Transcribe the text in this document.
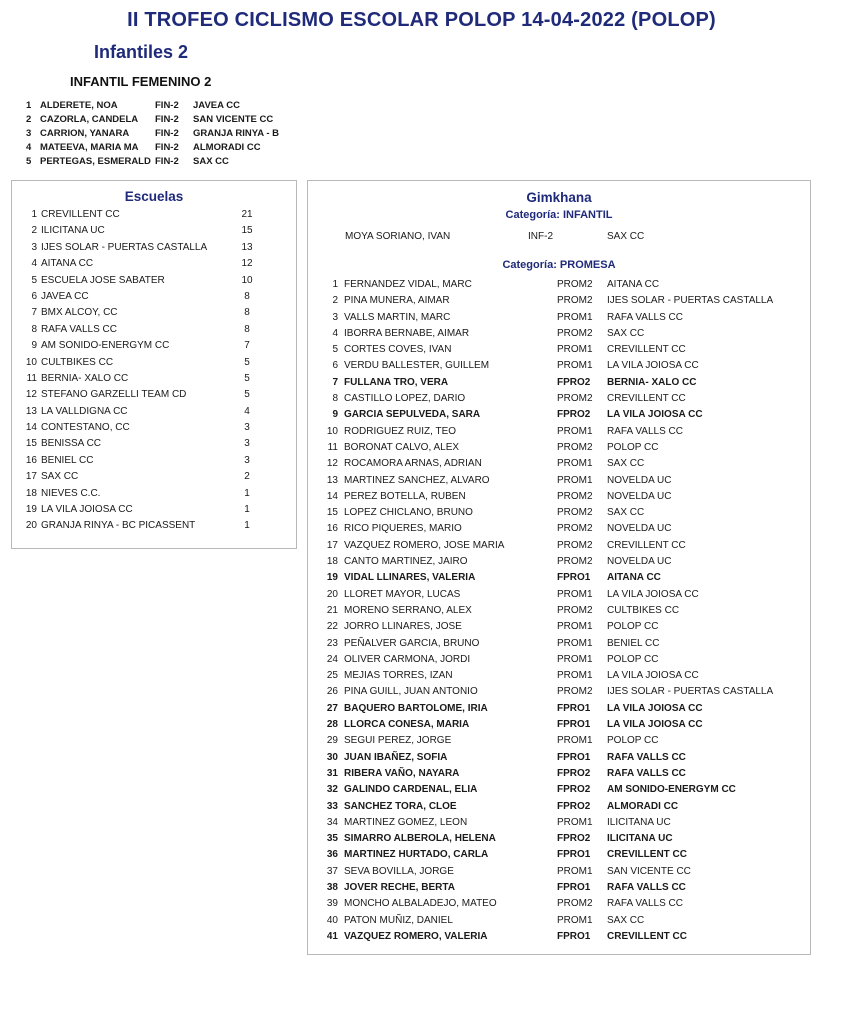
II TROFEO CICLISMO ESCOLAR POLOP 14-04-2022 (POLOP)
Infantiles 2
INFANTIL FEMENINO 2
1 ALDERETE, NOA	FIN-2 JAVEA CC
2 CAZORLA, CANDELA FIN-2 SAN VICENTE CC
3 CARRION, YANARA	FIN-2 GRANJA RINYA - B
4 MATEEVA, MARIA MA FIN-2 ALMORADI CC
5 PERTEGAS, ESMERALD FIN-2 SAX CC
Escuelas
1 CREVILLENT CC	21
2 ILICITANA UC	15
3 IJES SOLAR - PUERTAS CASTALLA	13
4 AITANA CC	12
5 ESCUELA JOSE SABATER	10
6 JAVEA CC	8
7 BMX ALCOY, CC	8
8 RAFA VALLS CC	8
9 AM SONIDO-ENERGYM CC	7
10 CULTBIKES CC	5
11 BERNIA- XALO CC	5
12 STEFANO GARZELLI TEAM CD	5
13 LA VALLDIGNA CC	4
14 CONTESTANO, CC	3
15 BENISSA CC	3
16 BENIEL CC	3
17 SAX CC	2
18 NIEVES C.C.	1
19 LA VILA JOIOSA CC	1
20 GRANJA RINYA - BC PICASSENT	1
Gimkhana
Categoría: INFANTIL
MOYA SORIANO, IVAN	INF-2	SAX CC
Categoría: PROMESA
1 FERNANDEZ VIDAL, MARC	PROM2 AITANA CC
2 PINA MUNERA, AIMAR	PROM2 IJES SOLAR - PUERTAS CASTALLA
3 VALLS MARTIN, MARC	PROM1 RAFA VALLS CC
4 IBORRA BERNABE, AIMAR	PROM2 SAX CC
5 CORTES COVES, IVAN	PROM1 CREVILLENT CC
6 VERDU BALLESTER, GUILLEM	PROM1 LA VILA JOIOSA CC
7 FULLANA TRO, VERA	FPRO2 BERNIA- XALO CC
8 CASTILLO LOPEZ, DARIO	PROM2 CREVILLENT CC
9 GARCIA SEPULVEDA, SARA	FPRO2 LA VILA JOIOSA CC
10 RODRIGUEZ RUIZ, TEO	PROM1 RAFA VALLS CC
11 BORONAT CALVO, ALEX	PROM2 POLOP CC
12 ROCAMORA ARNAS, ADRIAN	PROM1 SAX CC
13 MARTINEZ SANCHEZ, ALVARO	PROM1 NOVELDA UC
14 PEREZ BOTELLA, RUBEN	PROM2 NOVELDA UC
15 LOPEZ CHICLANO, BRUNO	PROM2 SAX CC
16 RICO PIQUERES, MARIO	PROM2 NOVELDA UC
17 VAZQUEZ ROMERO, JOSE MARIA	PROM2 CREVILLENT CC
18 CANTO MARTINEZ, JAIRO	PROM2 NOVELDA UC
19 VIDAL LLINARES, VALERIA	FPRO1 AITANA CC
20 LLORET MAYOR, LUCAS	PROM1 LA VILA JOIOSA CC
21 MORENO SERRANO, ALEX	PROM2 CULTBIKES CC
22 JORRO LLINARES, JOSE	PROM1 POLOP CC
23 PEÑALVER GARCIA, BRUNO	PROM1 BENIEL CC
24 OLIVER CARMONA, JORDI	PROM1 POLOP CC
25 MEJIAS TORRES, IZAN	PROM1 LA VILA JOIOSA CC
26 PINA GUILL, JUAN ANTONIO	PROM2 IJES SOLAR - PUERTAS CASTALLA
27 BAQUERO BARTOLOME, IRIA	FPRO1 LA VILA JOIOSA CC
28 LLORCA CONESA, MARIA	FPRO1 LA VILA JOIOSA CC
29 SEGUI PEREZ, JORGE	PROM1 POLOP CC
30 JUAN IBAÑEZ, SOFIA	FPRO1 RAFA VALLS CC
31 RIBERA VAÑO, NAYARA	FPRO2 RAFA VALLS CC
32 GALINDO CARDENAL, ELIA	FPRO2 AM SONIDO-ENERGYM CC
33 SANCHEZ TORA, CLOE	FPRO2 ALMORADI CC
34 MARTINEZ GOMEZ, LEON	PROM1 ILICITANA UC
35 SIMARRO ALBEROLA, HELENA	FPRO2 ILICITANA UC
36 MARTINEZ HURTADO, CARLA	FPRO1 CREVILLENT CC
37 SEVA BOVILLA, JORGE	PROM1 SAN VICENTE CC
38 JOVER RECHE, BERTA	FPRO1 RAFA VALLS CC
39 MONCHO ALBALADEJO, MATEO	PROM2 RAFA VALLS CC
40 PATON MUÑIZ, DANIEL	PROM1 SAX CC
41 VAZQUEZ ROMERO, VALERIA	FPRO1 CREVILLENT CC
